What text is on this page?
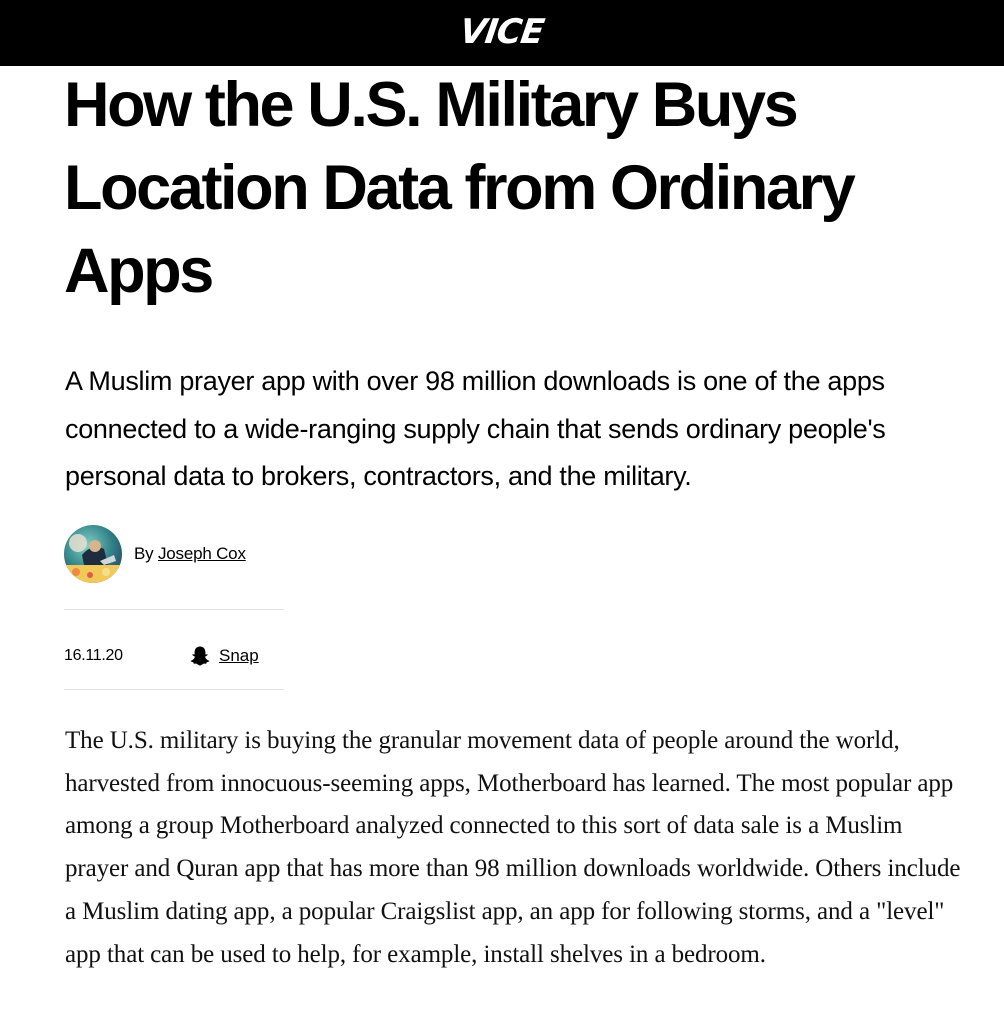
VICE
How the U.S. Military Buys Location Data from Ordinary Apps

A Muslim prayer app with over 98 million downloads is one of the apps connected to a wide-ranging supply chain that sends ordinary people's personal data to brokers, contractors, and the military.

By Joseph Cox
16.11.20	Snap

The U.S. military is buying the granular movement data of people around the world, harvested from innocuous-seeming apps, Motherboard has learned. The most popular app among a group Motherboard analyzed connected to this sort of data sale is a Muslim prayer and Quran app that has more than 98 million downloads worldwide. Others include a Muslim dating app, a popular Craigslist app, an app for following storms, and a "level" app that can be used to help, for example, install shelves in a bedroom.
